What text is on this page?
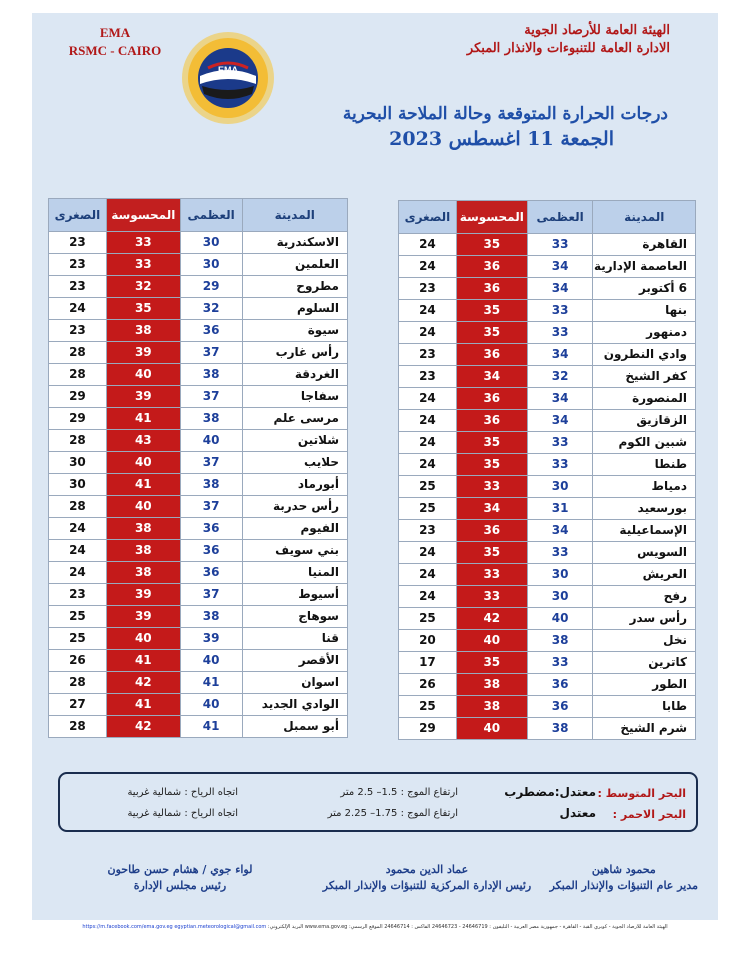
الهيئة العامة للأرصاد الجوية
الادارة العامة للتنبوءات والانذار المبكر
EMA
RSMC - CAIRO
EMA
درجات الحرارة المتوقعة وحالة الملاحة البحرية
الجمعة 11 اغسطس 2023
المدينة	العظمى	المحسوسة	الصغرى
القاهرة	33	35	24
العاصمة الإدارية	34	36	24
6 أكتوبر	34	36	23
بنها	33	35	24
دمنهور	33	35	24
وادي النطرون	34	36	23
كفر الشيخ	32	34	23
المنصورة	34	36	24
الزقازيق	34	36	24
شبين الكوم	33	35	24
طنطا	33	35	24
دمياط	30	33	25
بورسعيد	31	34	25
الإسماعيلية	34	36	23
السويس	33	35	24
العريش	30	33	24
رفح	30	33	24
رأس سدر	40	42	25
نخل	38	40	20
كاترين	33	35	17
الطور	36	38	26
طابا	36	38	25
شرم الشيخ	38	40	29
المدينة	العظمى	المحسوسة	الصغرى
الاسكندرية	30	33	23
العلمين	30	33	23
مطروح	29	32	23
السلوم	32	35	24
سيوة	36	38	23
رأس غارب	37	39	28
الغردقة	38	40	28
سفاجا	37	39	29
مرسى علم	38	41	29
شلاتين	40	43	28
حلايب	37	40	30
أبورماد	38	41	30
رأس حدربة	37	40	28
الفيوم	36	38	24
بني سويف	36	38	24
المنيا	36	38	24
أسيوط	37	39	23
سوهاج	38	39	25
قنا	39	40	25
الأقصر	40	41	26
اسوان	41	42	28
الوادي الجديد	40	41	27
أبو سمبل	41	42	28
البحر المتوسط :
معتدل:مضطرب
ارتفاع الموج : 1.5– 2.5 متر
اتجاه الرياح : شمالية غربية
البحر الاحمر :
معتدل
ارتفاع الموج : 1.75– 2.25 متر
اتجاه الرياح : شمالية غربية
محمود شاهين
مدير عام التنبؤات والإنذار المبكر
عماد الدين محمود
رئيس الإدارة المركزية للتنبؤات والإنذار المبكر
لواء جوي / هشام حسن طاحون
رئيس مجلس الإدارة
الهيئة العامة للأرصاد الجوية - كوبري القبة - القاهرة - جمهورية مصر العربية - التليفون : 24646719 - 24646723 الفاكس : 24646714 الموقع الرسمي: www.ema.gov.eg البريد الإلكتروني: https://m.facebook.com/ema.gov.eg egyptian.meteorological@gmail.com
